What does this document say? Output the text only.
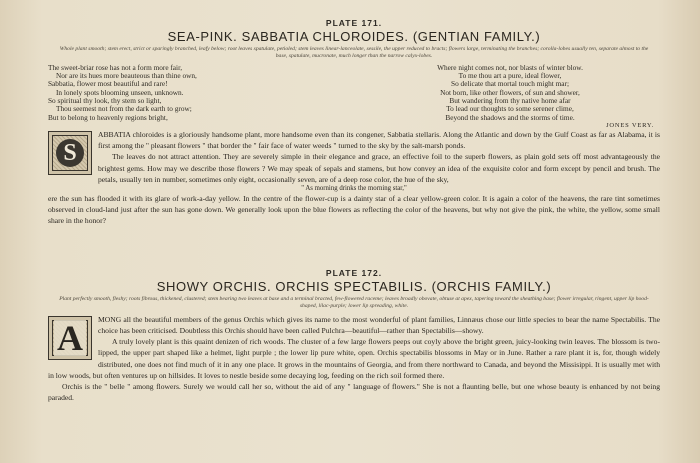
PLATE 171.
SEA-PINK. SABBATIA CHLOROIDES. (GENTIAN FAMILY.)
Whole plant smooth; stem erect, strict or sparingly branched, leafy below; root leaves spatulate, petioled; stem leaves linear-lanceolate, sessile, the upper reduced to bracts; flowers large, terminating the branches; corolla-lobes usually ten, separate almost to the base, spatulate, mucronate, much longer than the narrow calyx-lobes.
The sweet-briar rose has not a form more fair,
Nor are its hues more beauteous than thine own,
Sabbatia, flower most beautiful and rare!
In lonely spots blooming unseen, unknown.
So spiritual thy look, thy stem so light,
Thou seemest not from the dark earth to grow;
But to belong to heavenly regions bright,
Where night comes not, nor blasts of winter blow.
To me thou art a pure, ideal flower,
So delicate that mortal touch might mar;
Not born, like other flowers, of sun and shower,
But wandering from thy native home afar
To lead our thoughts to some serener clime,
Beyond the shadows and the storms of time.
JONES VERY.
S

ABBATIA chloroides is a gloriously handsome plant, more handsome even than its congener, Sabbatia stellaris. Along the Atlantic and down by the Gulf Coast as far as Alabama, it is first among the " pleasant flowers " that border the " fair face of water weeds " turned to the sky by the salt-marsh ponds.

The leaves do not attract attention. They are severely simple in their elegance and grace, an effective foil to the superb flowers, as plain gold sets off most advantageously the brightest gems. How may we describe those flowers ? We may speak of sepals and stamens, but how convey an idea of the exquisite color and form except by pencil and brush. The petals, usually ten in number, sometimes only eight, occasionally seven, are of a deep rose color, the hue of the sky,

" As morning drinks the morning star,"

ere the sun has flooded it with its glare of work-a-day yellow. In the centre of the flower-cup is a dainty star of a clear yellow-green color. It is again a color of the heavens, the rare tint sometimes observed in cloud-land just after the sun has gone down. We generally look upon the blue flowers as reflecting the color of the heavens, but why not give the pink, the white, the yellow, some small share in the honor?

PLATE 172.
SHOWY ORCHIS. ORCHIS SPECTABILIS. (ORCHIS FAMILY.)
Plant perfectly smooth, fleshy; roots fibrous, thickened, clustered; stem bearing two leaves at base and a terminal bracted, few-flowered raceme; leaves broadly obovate, obtuse at apex, tapering toward the sheathing base; flower irregular, ringent, upper lip hood-shaped, lilac-purple; lower lip spreading, white.
A	MONG all the beautiful members of the genus Orchis which gives its name to the most wonderful of plant families, Linnæus chose our little species to bear the name Spectabilis. The choice has been criticised. Doubtless this Orchis should have been called Pulchra—beautiful—rather than Spectabilis—showy.

A truly lovely plant is this quaint denizen of rich woods. The cluster of a few large flowers peeps out coyly above the bright green, juicy-looking twin leaves. The blossom is two-lipped, the upper part shaped like a helmet, light purple ; the lower lip pure white, open. Orchis spectabilis blossoms in May or in June. Rather a rare plant it is, for, though widely distributed, one does not find much of it in any one place. It grows in the mountains of Georgia, and from there northward to Canada, and beyond the Missisippi. It is usually met with in low woods, but often ventures up on hillsides. It loves to nestle beside some decaying log, feeding on the rich soil formed there.

Orchis is the " belle " among flowers. Surely we would call her so, without the aid of any " language of flowers." She is not a flaunting belle, but one whose beauty is enhanced by not being paraded.
